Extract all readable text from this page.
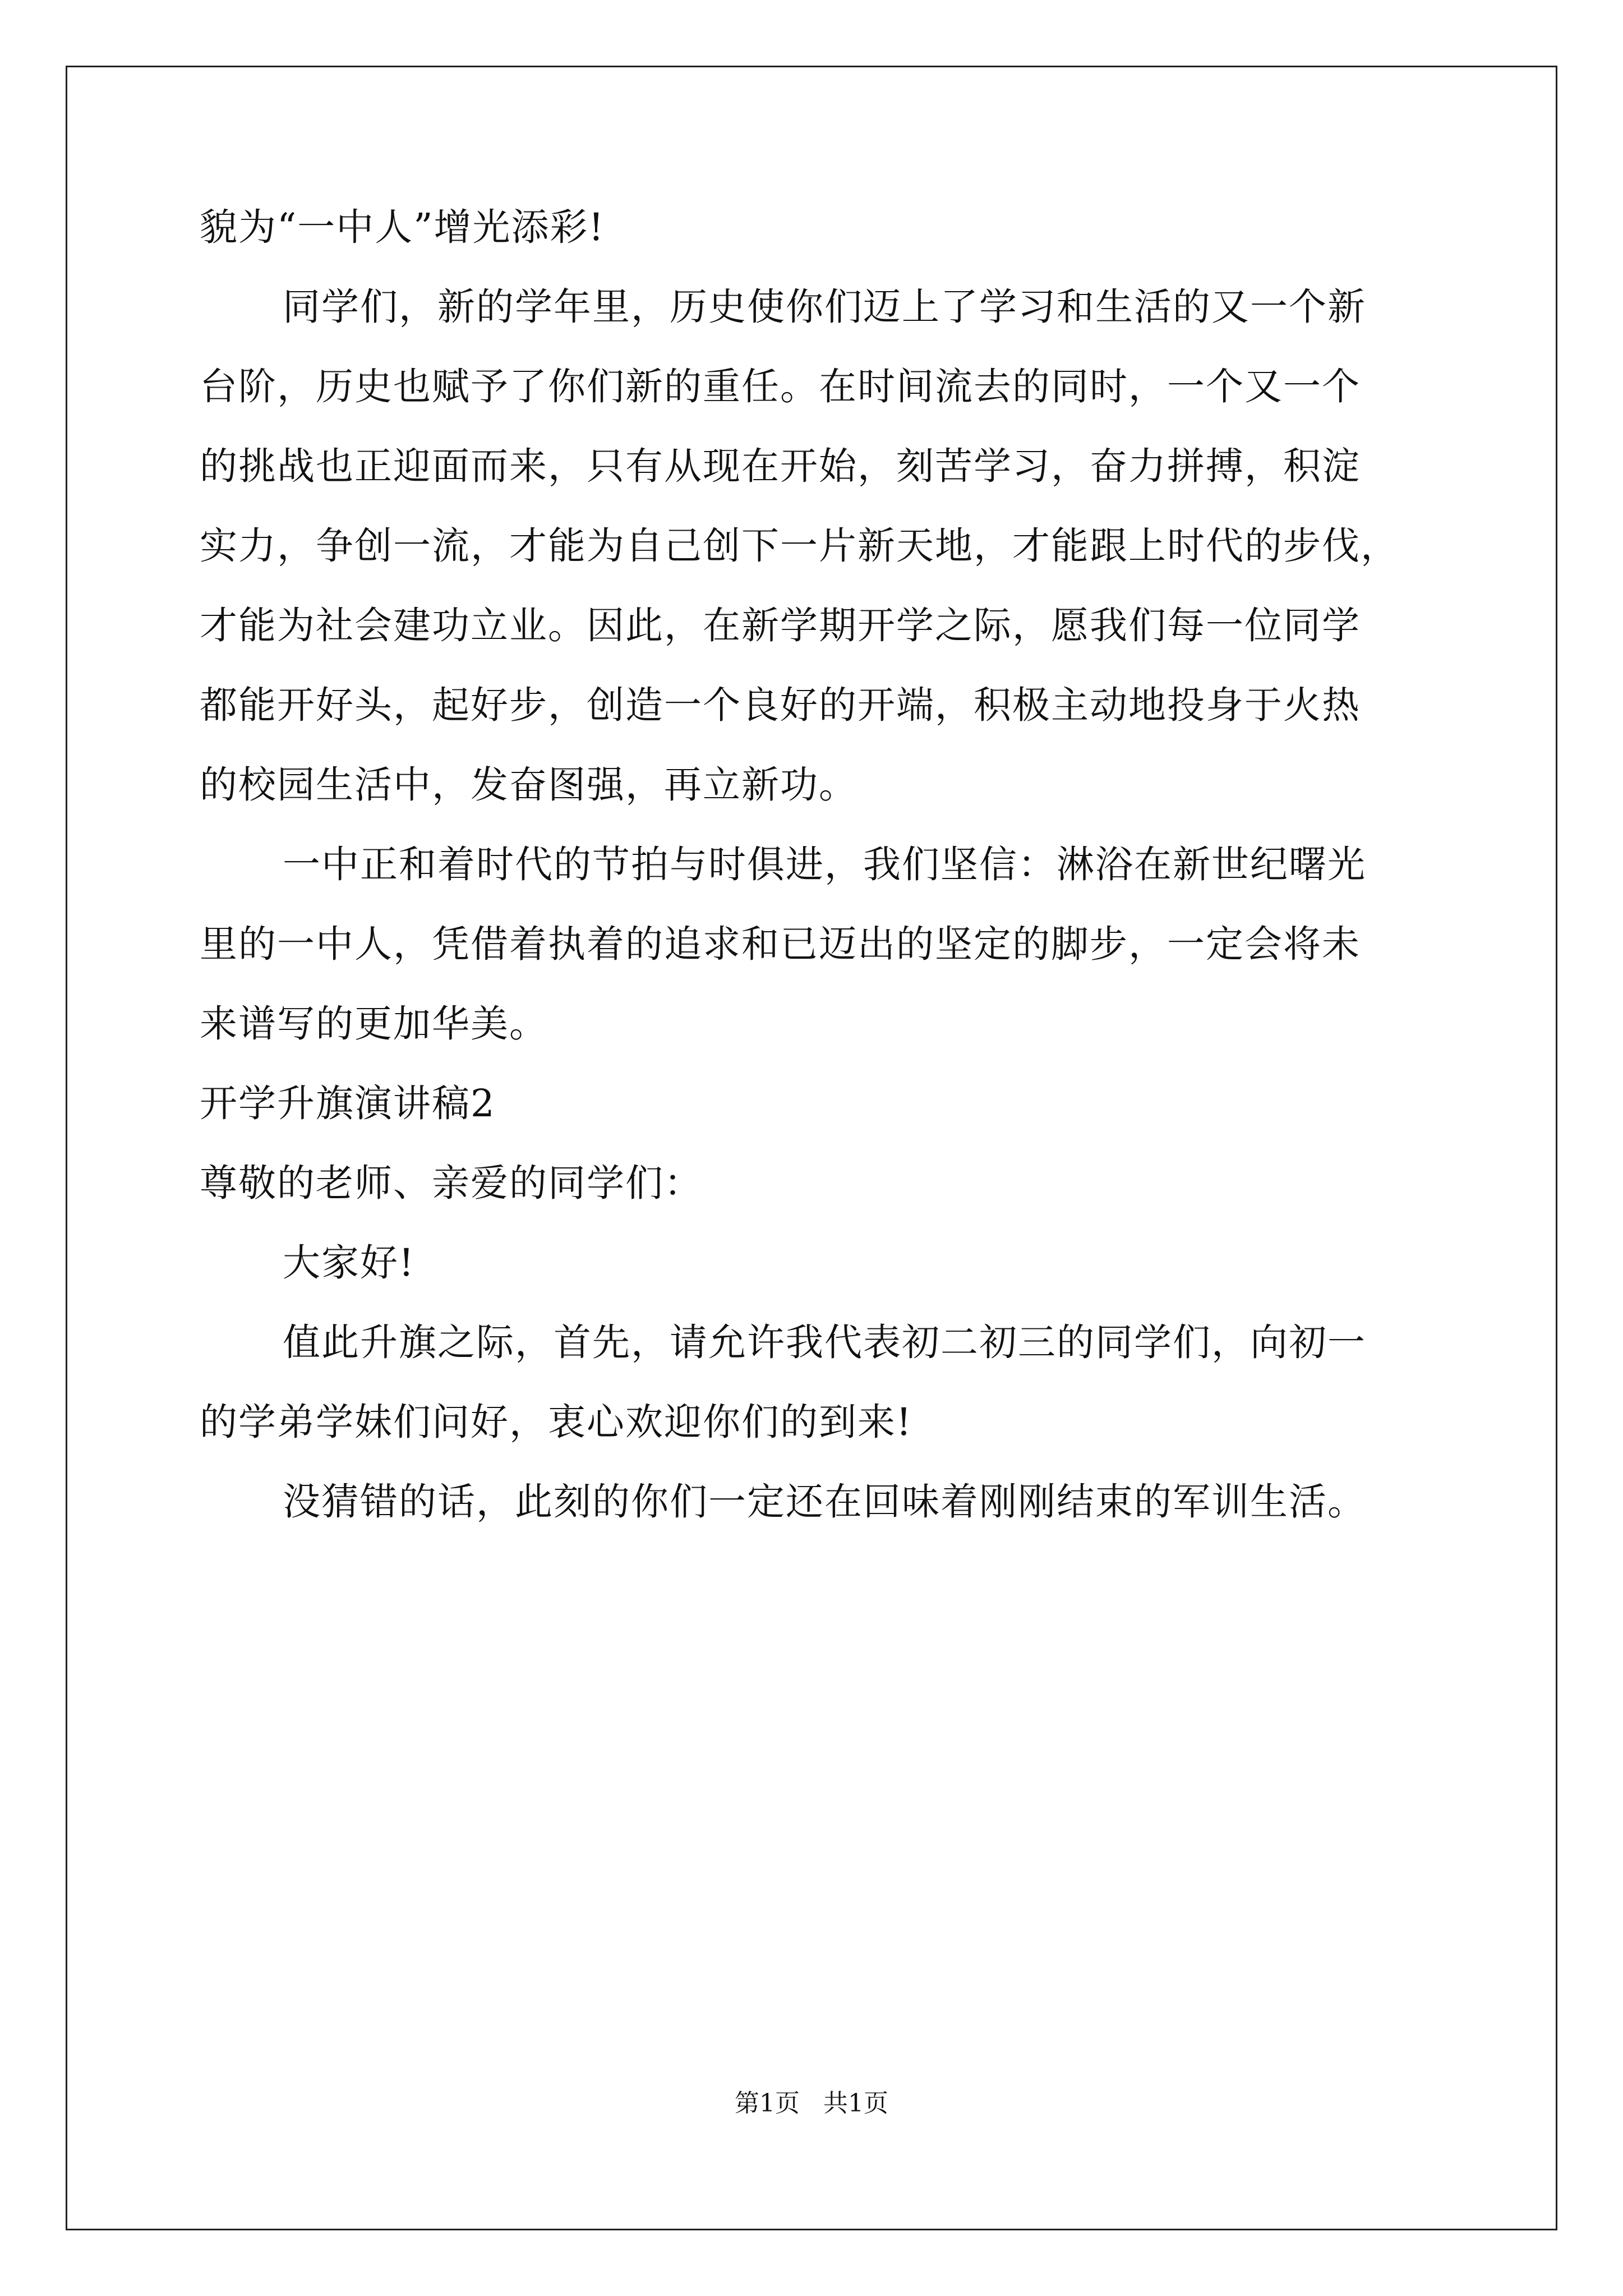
貌为“一中人”增光添彩!
同学们，新的学年里，历史使你们迈上了学习和生活的又一个新
台阶，历史也赋予了你们新的重任。在时间流去的同时，一个又一个
的挑战也正迎面而来，只有从现在开始，刻苦学习，奋力拼搏，积淀
实力，争创一流，才能为自己创下一片新天地，才能跟上时代的步伐，
才能为社会建功立业。因此，在新学期开学之际，愿我们每一位同学
都能开好头，起好步，创造一个良好的开端，积极主动地投身于火热
的校园生活中，发奋图强，再立新功。
一中正和着时代的节拍与时俱进，我们坚信：淋浴在新世纪曙光
里的一中人，凭借着执着的追求和已迈出的坚定的脚步，一定会将未
来谱写的更加华美。
开学升旗演讲稿2
尊敬的老师、亲爱的同学们：
大家好!
值此升旗之际，首先，请允许我代表初二初三的同学们，向初一
的学弟学妹们问好，衷心欢迎你们的到来!
没猜错的话，此刻的你们一定还在回味着刚刚结束的军训生活。
第1页   共1页
